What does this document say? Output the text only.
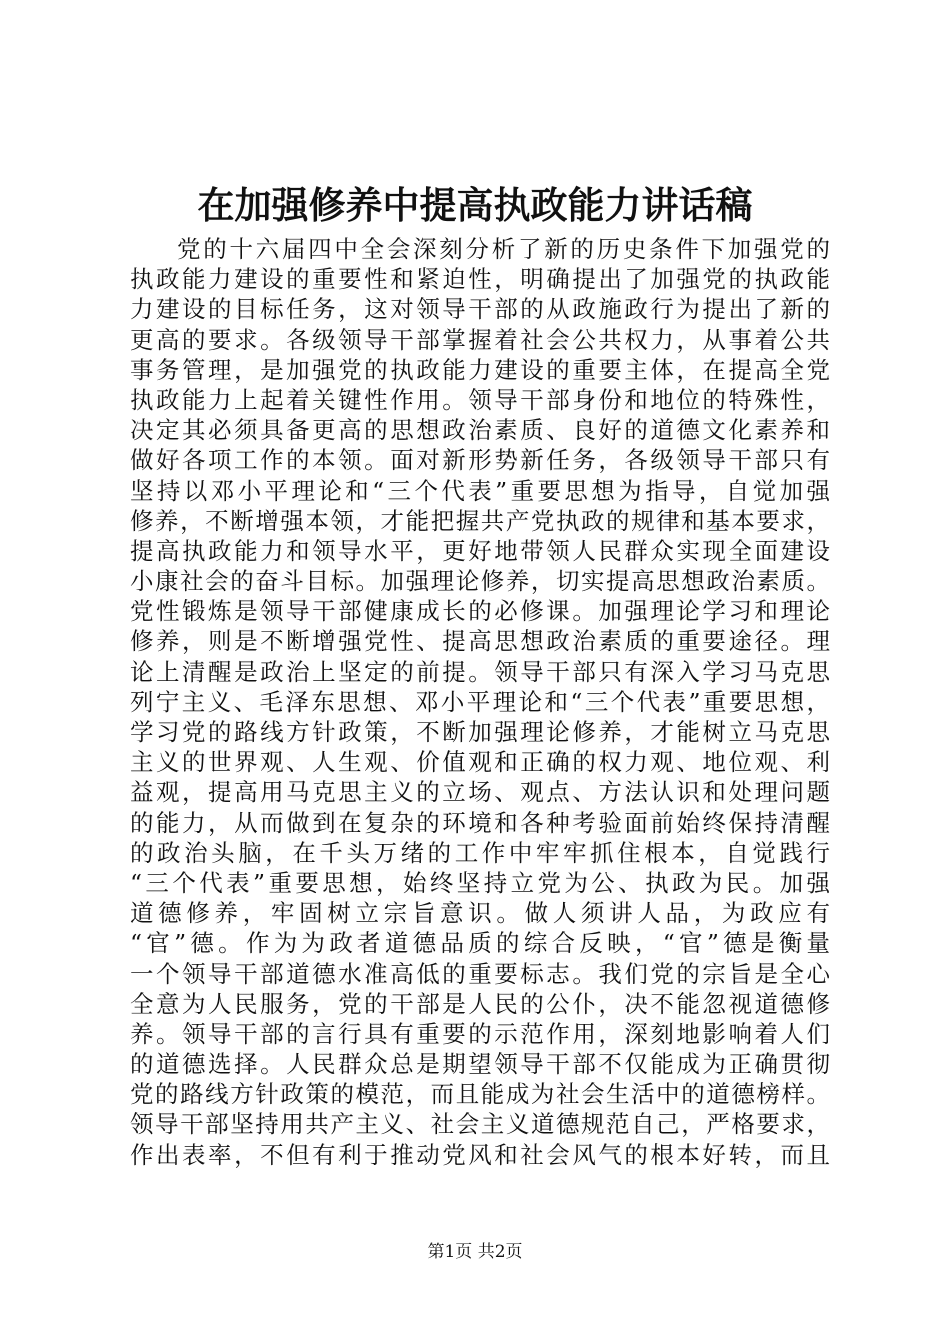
在加强修养中提高执政能力讲话稿
党的十六届四中全会深刻分析了新的历史条件下加强党的
执政能力建设的重要性和紧迫性，明确提出了加强党的执政能
力建设的目标任务，这对领导干部的从政施政行为提出了新的
更高的要求。各级领导干部掌握着社会公共权力，从事着公共
事务管理，是加强党的执政能力建设的重要主体，在提高全党
执政能力上起着关键性作用。领导干部身份和地位的特殊性，
决定其必须具备更高的思想政治素质、良好的道德文化素养和
做好各项工作的本领。面对新形势新任务，各级领导干部只有
坚持以邓小平理论和“三个代表”重要思想为指导，自觉加强
修养，不断增强本领，才能把握共产党执政的规律和基本要求，
提高执政能力和领导水平，更好地带领人民群众实现全面建设
小康社会的奋斗目标。加强理论修养，切实提高思想政治素质。
党性锻炼是领导干部健康成长的必修课。加强理论学习和理论
修养，则是不断增强党性、提高思想政治素质的重要途径。理
论上清醒是政治上坚定的前提。领导干部只有深入学习马克思
列宁主义、毛泽东思想、邓小平理论和“三个代表”重要思想，
学习党的路线方针政策，不断加强理论修养，才能树立马克思
主义的世界观、人生观、价值观和正确的权力观、地位观、利
益观，提高用马克思主义的立场、观点、方法认识和处理问题
的能力，从而做到在复杂的环境和各种考验面前始终保持清醒
的政治头脑，在千头万绪的工作中牢牢抓住根本，自觉践行
“三个代表”重要思想，始终坚持立党为公、执政为民。加强
道德修养，牢固树立宗旨意识。做人须讲人品，为政应有
“官”德。作为为政者道德品质的综合反映，“官”德是衡量
一个领导干部道德水准高低的重要标志。我们党的宗旨是全心
全意为人民服务，党的干部是人民的公仆，决不能忽视道德修
养。领导干部的言行具有重要的示范作用，深刻地影响着人们
的道德选择。人民群众总是期望领导干部不仅能成为正确贯彻
党的路线方针政策的模范，而且能成为社会生活中的道德榜样。
领导干部坚持用共产主义、社会主义道德规范自己，严格要求，
作出表率，不但有利于推动党风和社会风气的根本好转，而且
第1页 共2页
